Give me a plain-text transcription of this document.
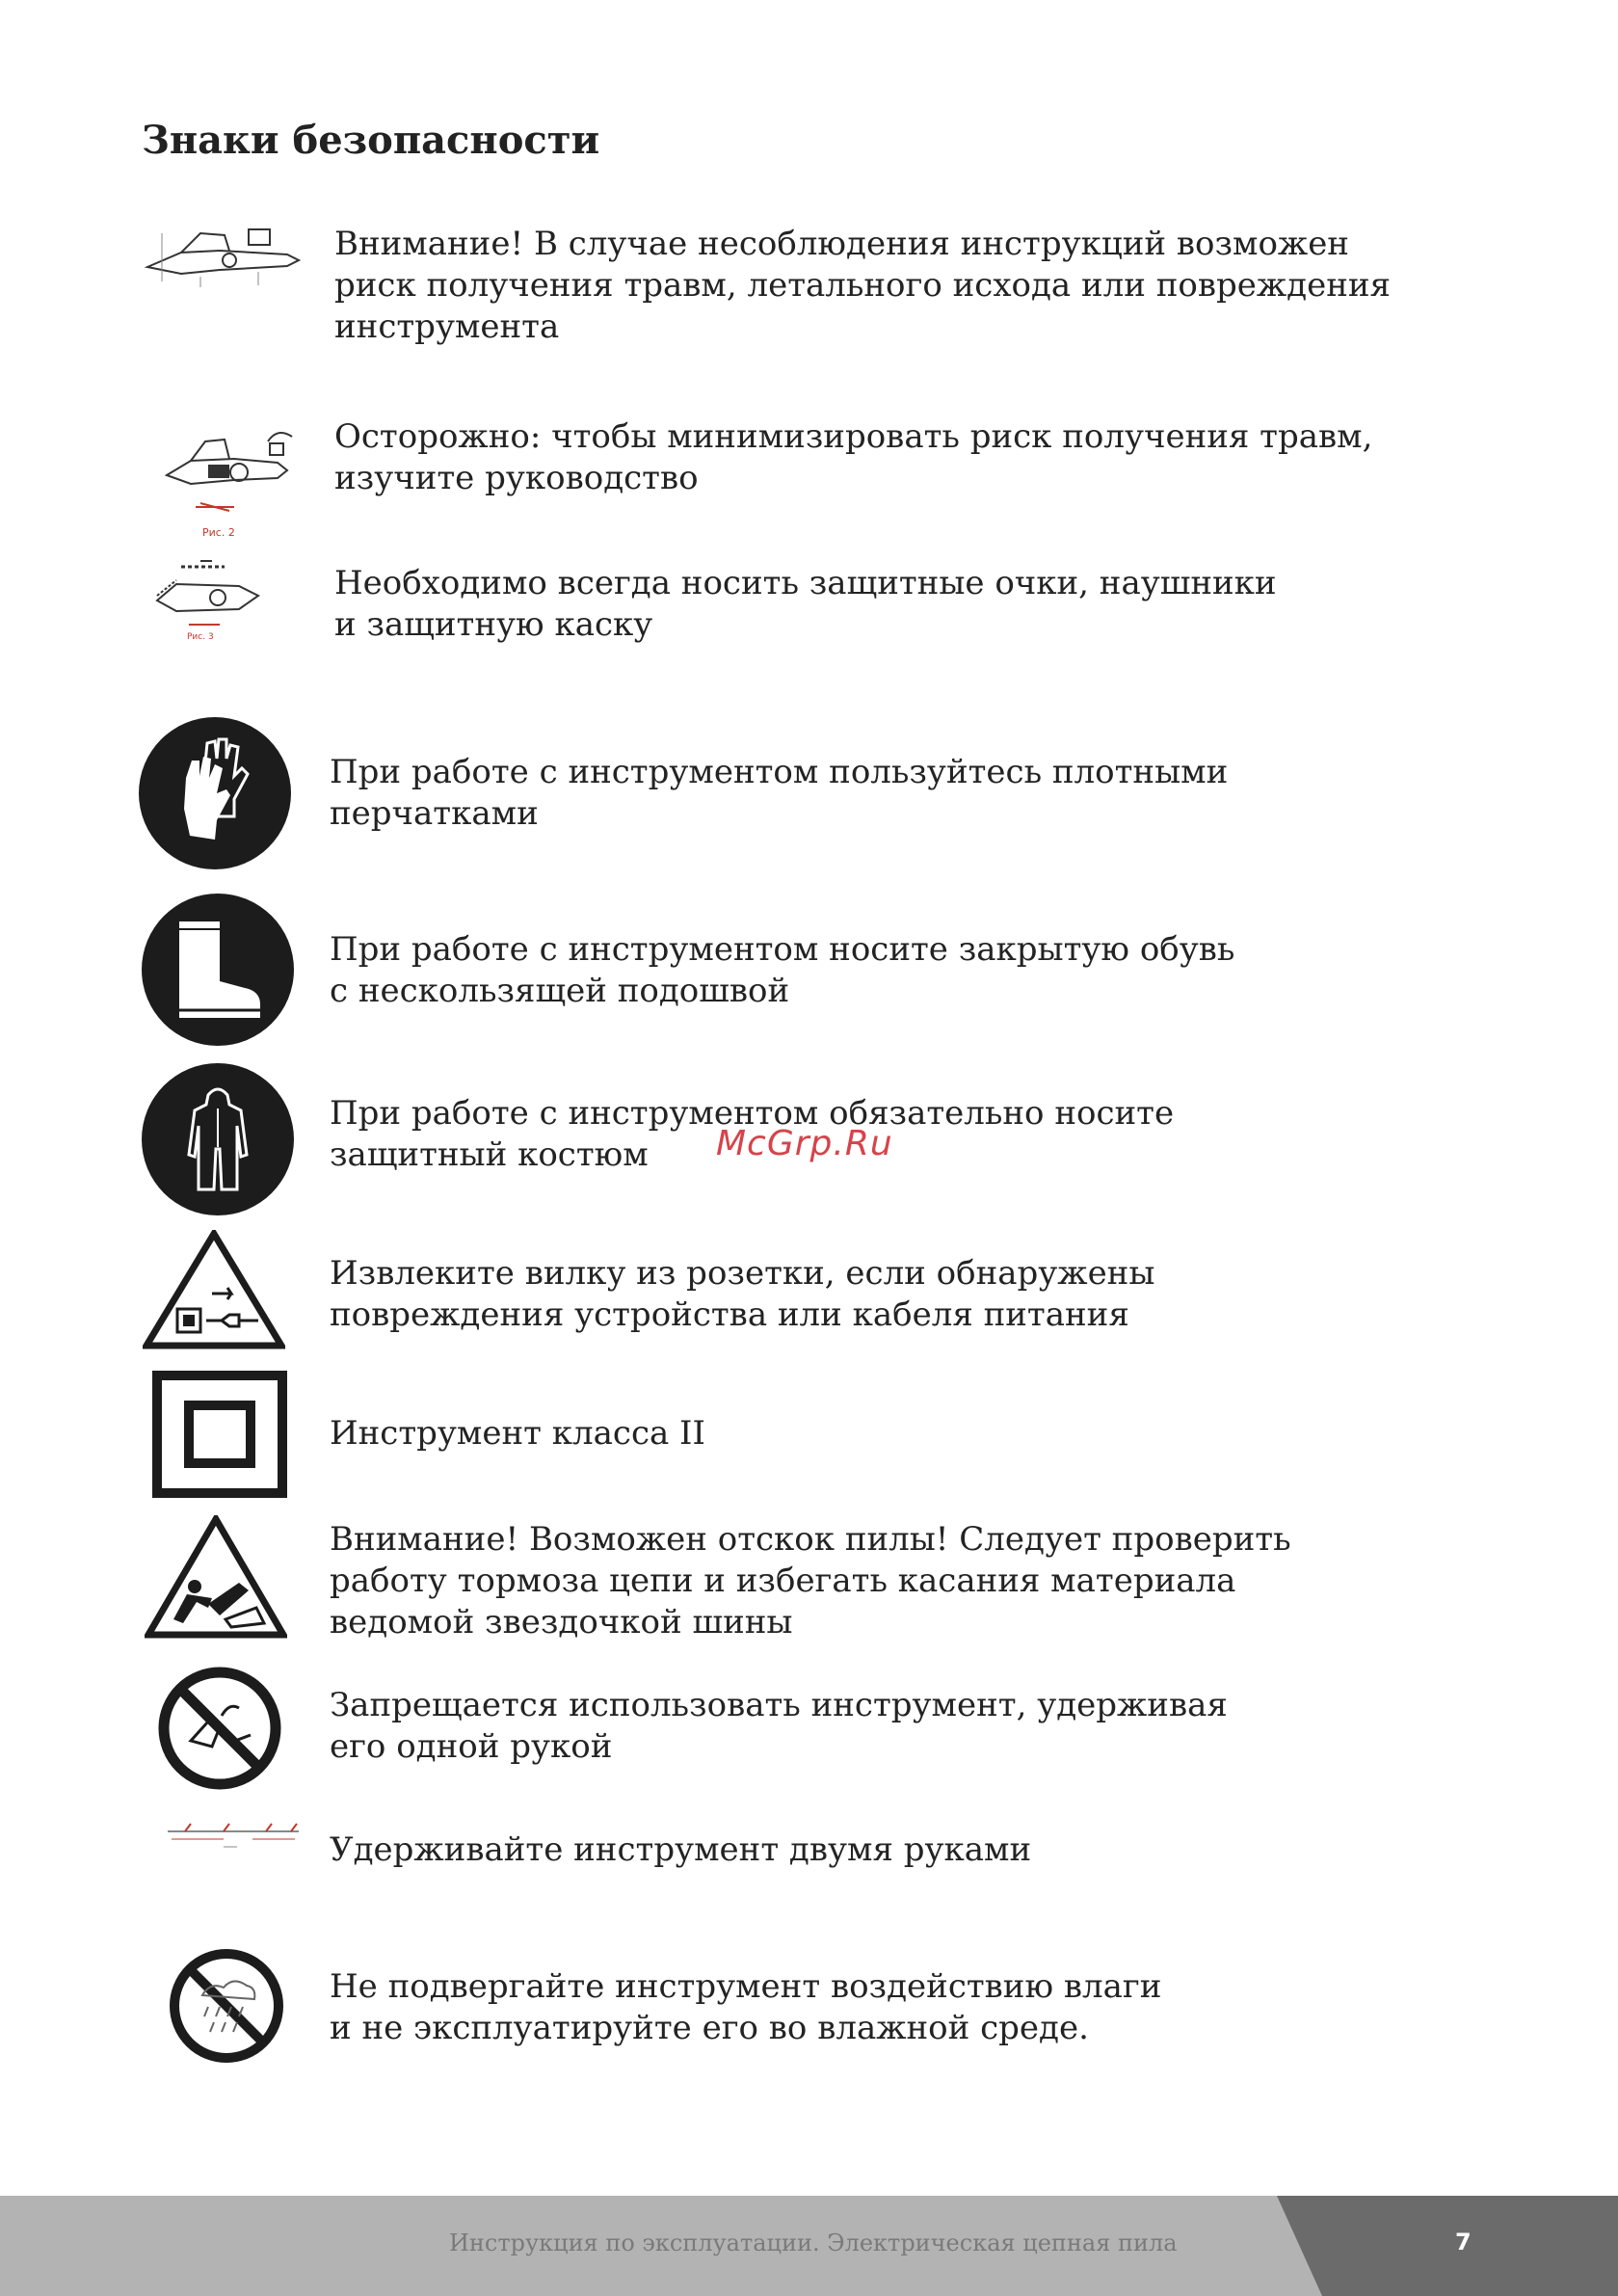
Знаки безопасности
Внимание! В случае несоблюдения инструкций возможен
риск получения травм, летального исхода или повреждения
инструмента
Рис. 2
Осторожно: чтобы минимизировать риск получения травм,
изучите руководство
Рис. 3
Необходимо всегда носить защитные очки, наушники
и защитную каску
При работе с инструментом пользуйтесь плотными
перчатками
При работе с инструментом носите закрытую обувь
с нескользящей подошвой
При работе с инструментом обязательно носите
защитный костюм
Извлеките вилку из розетки, если обнаружены
повреждения устройства или кабеля питания
Инструмент класса II
Внимание! Возможен отскок пилы! Следует проверить
работу тормоза цепи и избегать касания материала
ведомой звездочкой шины
Запрещается использовать инструмент, удерживая
его одной рукой
Удерживайте инструмент двумя руками
Не подвергайте инструмент воздействию влаги
и не эксплуатируйте его во влажной среде.
McGrp.Ru
Инструкция по эксплуатации. Электрическая цепная пила	7
